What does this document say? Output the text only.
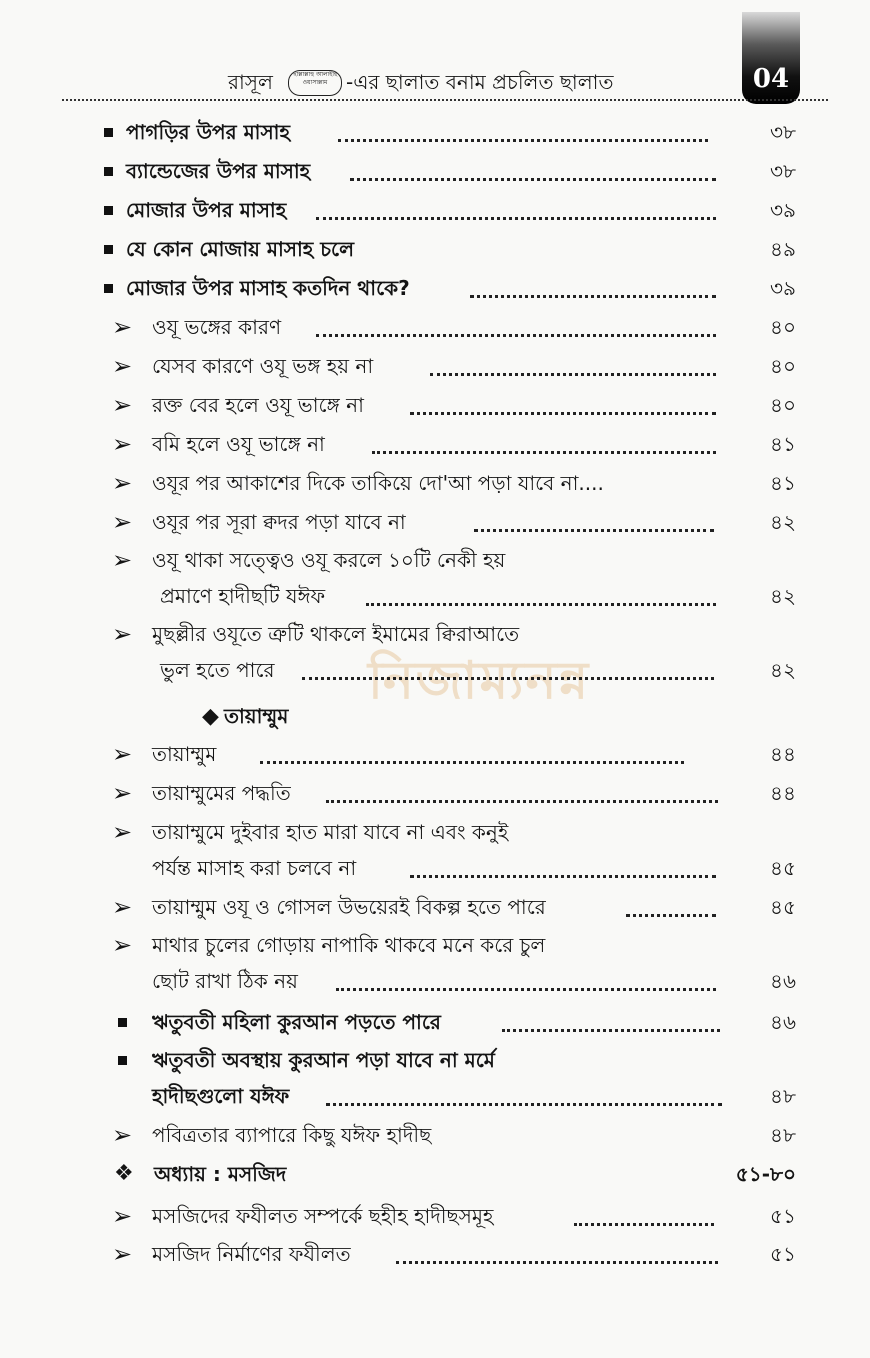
রাসূল	ছাল্লাল্লাহু আলাইহি ওয়াসাল্লাম -এর ছালাত বনাম প্রচলিত ছালাত	04
নিজাম্যনন্ন
পাগড়ির উপর মাসাহ	৩৮
ব্যান্ডেজের উপর মাসাহ	৩৮
মোজার উপর মাসাহ	৩৯
যে কোন মোজায় মাসাহ চলে	৪৯
মোজার উপর মাসাহ কতদিন থাকে?	৩৯
➢ ওযূ ভঙ্গের কারণ	৪০
➢ যেসব কারণে ওযূ ভঙ্গ হয় না	৪০
➢ রক্ত বের হলে ওযূ ভাঙ্গে না	৪০
➢ বমি হলে ওযূ ভাঙ্গে না	৪১
➢ ওযূর পর আকাশের দিকে তাকিয়ে দো'আ পড়া যাবে না....	৪১
➢ ওযূর পর সূরা ক্বদর পড়া যাবে না	৪২
➢ ওযূ থাকা সত্ত্বেও ওযূ করলে ১০টি নেকী হয়
প্রমাণে হাদীছটি যঈফ	৪২
➢ মুছল্লীর ওযূতে ত্রুটি থাকলে ইমামের ক্বিরাআতে
ভুল হতে পারে	৪২
◆ তায়াম্মুম
➢ তায়াম্মুম	৪৪
➢ তায়াম্মুমের পদ্ধতি	৪৪
➢ তায়াম্মুমে দুইবার হাত মারা যাবে না এবং কনুই
পর্যন্ত মাসাহ করা চলবে না	৪৫
➢ তায়াম্মুম ওযূ ও গোসল উভয়েরই বিকল্প হতে পারে	৪৫
➢ মাথার চুলের গোড়ায় নাপাকি থাকবে মনে করে চুল
ছোট রাখা ঠিক নয়	৪৬
ঋতুবতী মহিলা কুরআন পড়তে পারে	৪৬
ঋতুবতী অবস্থায় কুরআন পড়া যাবে না মর্মে
হাদীছগুলো যঈফ	৪৮
➢ পবিত্রতার ব্যাপারে কিছু যঈফ হাদীছ	৪৮
❖ অধ্যায় : মসজিদ	৫১-৮০
➢ মসজিদের ফযীলত সম্পর্কে ছহীহ হাদীছসমূহ	৫১
➢ মসজিদ নির্মাণের ফযীলত	৫১
